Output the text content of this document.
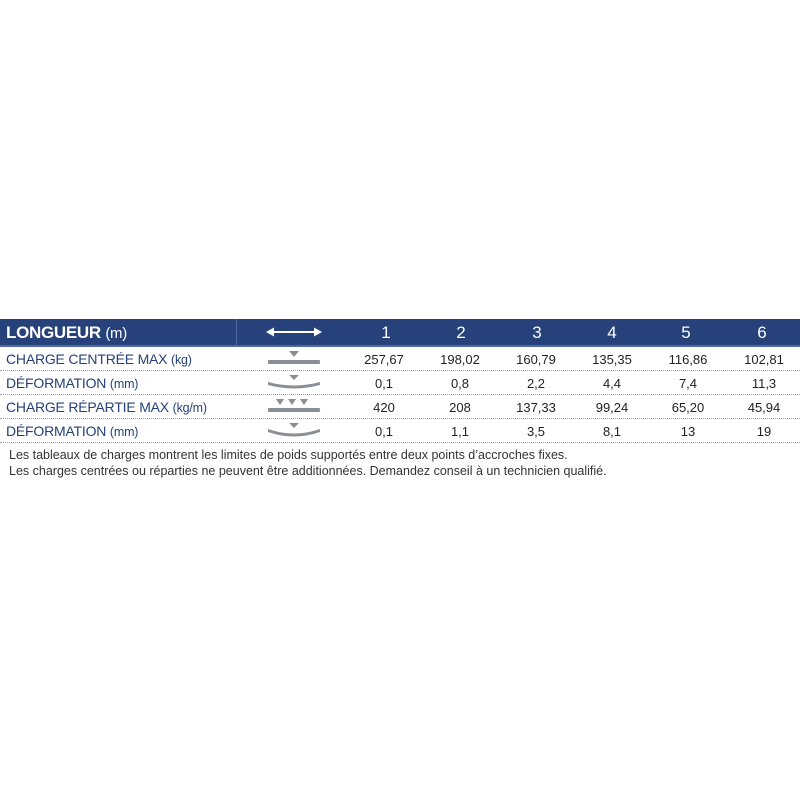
LONGUEUR (m)	1	2	3	4	5	6
CHARGE CENTRÉE MAX (kg)	257,67	198,02	160,79	135,35	116,86	102,81
DÉFORMATION (mm)	0,1	0,8	2,2	4,4	7,4	11,3
CHARGE RÉPARTIE MAX (kg/m)	420	208	137,33	99,24	65,20	45,94
DÉFORMATION (mm)	0,1	1,1	3,5	8,1	13	19
Les tableaux de charges montrent les limites de poids supportés entre deux points d’accroches fixes.
Les charges centrées ou réparties ne peuvent être additionnées. Demandez conseil à un technicien qualifié.
